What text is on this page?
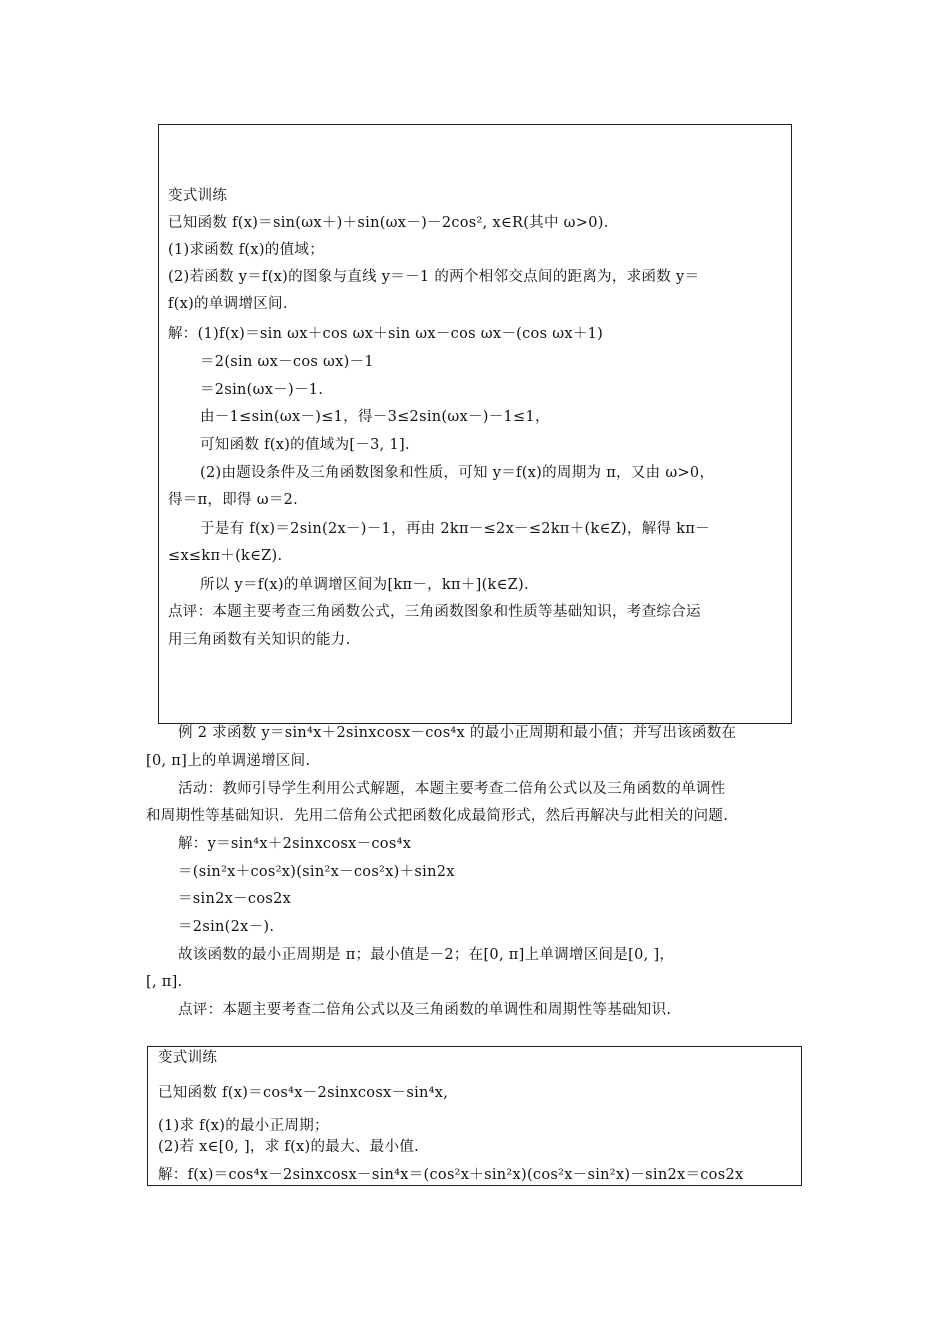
变式训练
已知函数 f(x)＝sin(ωx＋)＋sin(ωx－)－2cos², x∈R(其中 ω>0).
(1)求函数 f(x)的值域；
(2)若函数 y＝f(x)的图象与直线 y＝－1 的两个相邻交点间的距离为，求函数 y＝
f(x)的单调增区间.
解：(1)f(x)＝sin ωx＋cos ωx＋sin ωx－cos ωx－(cos ωx＋1)
＝2(sin ωx－cos ωx)－1
＝2sin(ωx－)－1.
由－1≤sin(ωx－)≤1，得－3≤2sin(ωx－)－1≤1，
可知函数 f(x)的值域为[－3, 1].
(2)由题设条件及三角函数图象和性质，可知 y＝f(x)的周期为 π，又由 ω>0，
得＝π，即得 ω＝2.
于是有 f(x)＝2sin(2x－)－1，再由 2kπ－≤2x－≤2kπ＋(k∈Z)，解得 kπ－
≤x≤kπ＋(k∈Z).
所以 y＝f(x)的单调增区间为[kπ－，kπ＋](k∈Z).
点评：本题主要考查三角函数公式，三角函数图象和性质等基础知识，考查综合运
用三角函数有关知识的能力.
例 2 求函数 y＝sin⁴x＋2sinxcosx－cos⁴x 的最小正周期和最小值；并写出该函数在
[0, π]上的单调递增区间.
活动：教师引导学生利用公式解题，本题主要考查二倍角公式以及三角函数的单调性
和周期性等基础知识．先用二倍角公式把函数化成最简形式，然后再解决与此相关的问题.
解：y＝sin⁴x＋2sinxcosx－cos⁴x
＝(sin²x＋cos²x)(sin²x－cos²x)＋sin2x
＝sin2x－cos2x
＝2sin(2x－).
故该函数的最小正周期是 π；最小值是－2；在[0, π]上单调增区间是[0, ]，
[, π].
点评：本题主要考查二倍角公式以及三角函数的单调性和周期性等基础知识.
变式训练
已知函数 f(x)＝cos⁴x－2sinxcosx－sin⁴x,
(1)求 f(x)的最小正周期；
(2)若 x∈[0, ]，求 f(x)的最大、最小值.
解：f(x)＝cos⁴x－2sinxcosx－sin⁴x＝(cos²x＋sin²x)(cos²x－sin²x)－sin2x＝cos2x
